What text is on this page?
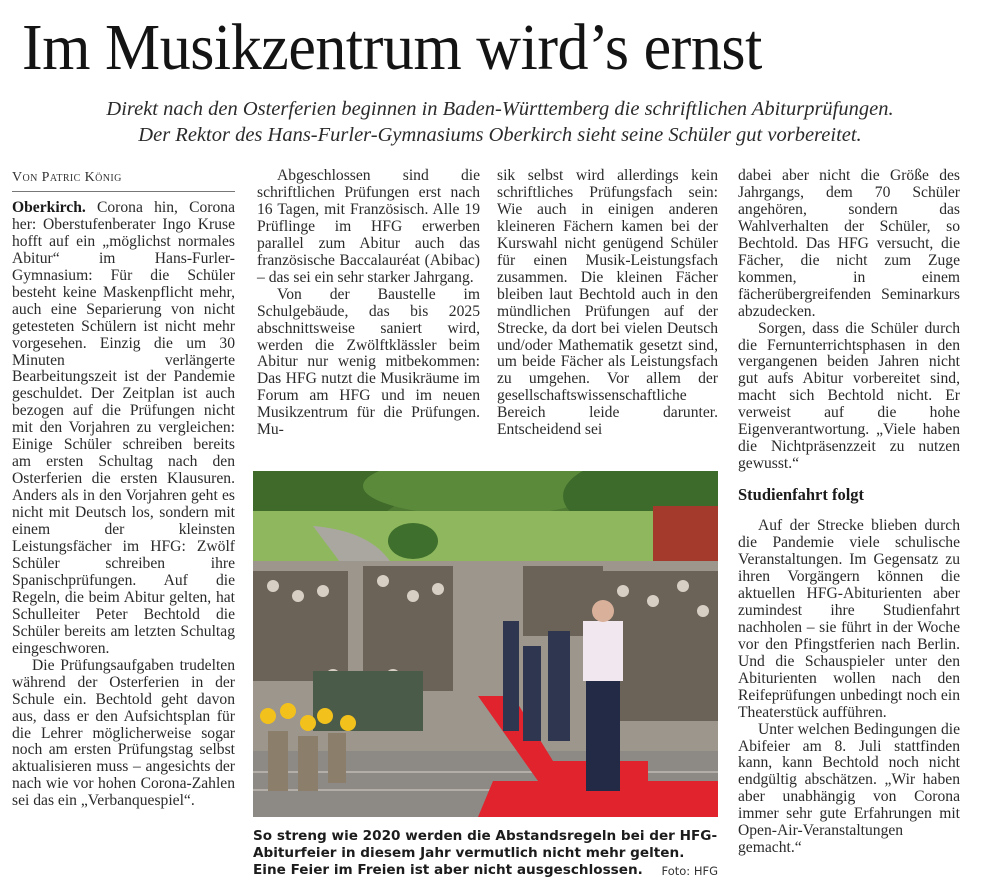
Im Musikzentrum wird’s ernst
Direkt nach den Osterferien beginnen in Baden-Württemberg die schriftlichen Abiturprüfungen.
Der Rektor des Hans-Furler-Gymnasiums Oberkirch sieht seine Schüler gut vorbereitet.
Von Patric König

Oberkirch. Corona hin, Corona her: Oberstufenberater Ingo Kruse hofft auf ein „möglichst normales Abitur“ im Hans-Furler-Gymnasium: Für die Schüler besteht keine Maskenpflicht mehr, auch eine Separierung von nicht getesteten Schülern ist nicht mehr vorgesehen. Einzig die um 30 Minuten verlängerte Bearbeitungszeit ist der Pandemie geschuldet. Der Zeitplan ist auch bezogen auf die Prüfungen nicht mit den Vorjahren zu vergleichen: Einige Schüler schreiben bereits am ersten Schultag nach den Osterferien die ersten Klausuren. Anders als in den Vorjahren geht es nicht mit Deutsch los, sondern mit einem der kleinsten Leistungsfächer im HFG: Zwölf Schüler schreiben ihre Spanischprüfungen. Auf die Regeln, die beim Abitur gelten, hat Schulleiter Peter Bechtold die Schüler bereits am letzten Schultag eingeschworen.

Die Prüfungsaufgaben trudelten während der Osterferien in der Schule ein. Bechtold geht davon aus, dass er den Aufsichtsplan für die Lehrer möglicherweise sogar noch am ersten Prüfungstag selbst aktualisieren muss – angesichts der nach wie vor hohen Corona-Zahlen sei das ein „Verbanquespiel“.

Abgeschlossen sind die schriftlichen Prüfungen erst nach 16 Tagen, mit Französisch. Alle 19 Prüflinge im HFG erwerben parallel zum Abitur auch das französische Baccalauréat (Abibac) – das sei ein sehr starker Jahrgang.

Von der Baustelle im Schulgebäude, das bis 2025 abschnittsweise saniert wird, werden die Zwölftklässler beim Abitur nur wenig mitbekommen: Das HFG nutzt die Musikräume im Forum am HFG und im neuen Musikzentrum für die Prüfungen. Mu-

sik selbst wird allerdings kein schriftliches Prüfungsfach sein: Wie auch in einigen anderen kleineren Fächern kamen bei der Kurswahl nicht genügend Schüler für einen Musik-Leistungsfach zusammen. Die kleinen Fächer bleiben laut Bechtold auch in den mündlichen Prüfungen auf der Strecke, da dort bei vielen Deutsch und/oder Mathematik gesetzt sind, um beide Fächer als Leistungsfach zu umgehen. Vor allem der gesellschaftswissenschaftliche Bereich leide darunter. Entscheidend sei

dabei aber nicht die Größe des Jahrgangs, dem 70 Schüler angehören, sondern das Wahlverhalten der Schüler, so Bechtold. Das HFG versucht, die Fächer, die nicht zum Zuge kommen, in einem fächerübergreifenden Seminarkurs abzudecken.

Sorgen, dass die Schüler durch die Fernunterrichtsphasen in den vergangenen beiden Jahren nicht gut aufs Abitur vorbereitet sind, macht sich Bechtold nicht. Er verweist auf die hohe Eigenverantwortung. „Viele haben die Nichtpräsenzzeit zu nutzen gewusst.“

Studienfahrt folgt

Auf der Strecke blieben durch die Pandemie viele schulische Veranstaltungen. Im Gegensatz zu ihren Vorgängern können die aktuellen HFG-Abiturienten aber zumindest ihre Studienfahrt nachholen – sie führt in der Woche vor den Pfingstferien nach Berlin. Und die Schauspieler unter den Abiturienten wollen nach den Reifeprüfungen unbedingt noch ein Theaterstück aufführen.

Unter welchen Bedingungen die Abifeier am 8. Juli stattfinden kann, kann Bechtold noch nicht endgültig abschätzen. „Wir haben aber unabhängig von Corona immer sehr gute Erfahrungen mit Open-Air-Veranstaltungen gemacht.“

So streng wie 2020 werden die Abstandsregeln bei der HFG-Abiturfeier in diesem Jahr vermutlich nicht mehr gelten. Eine Feier im Freien ist aber nicht ausgeschlossen. Foto: HFG
